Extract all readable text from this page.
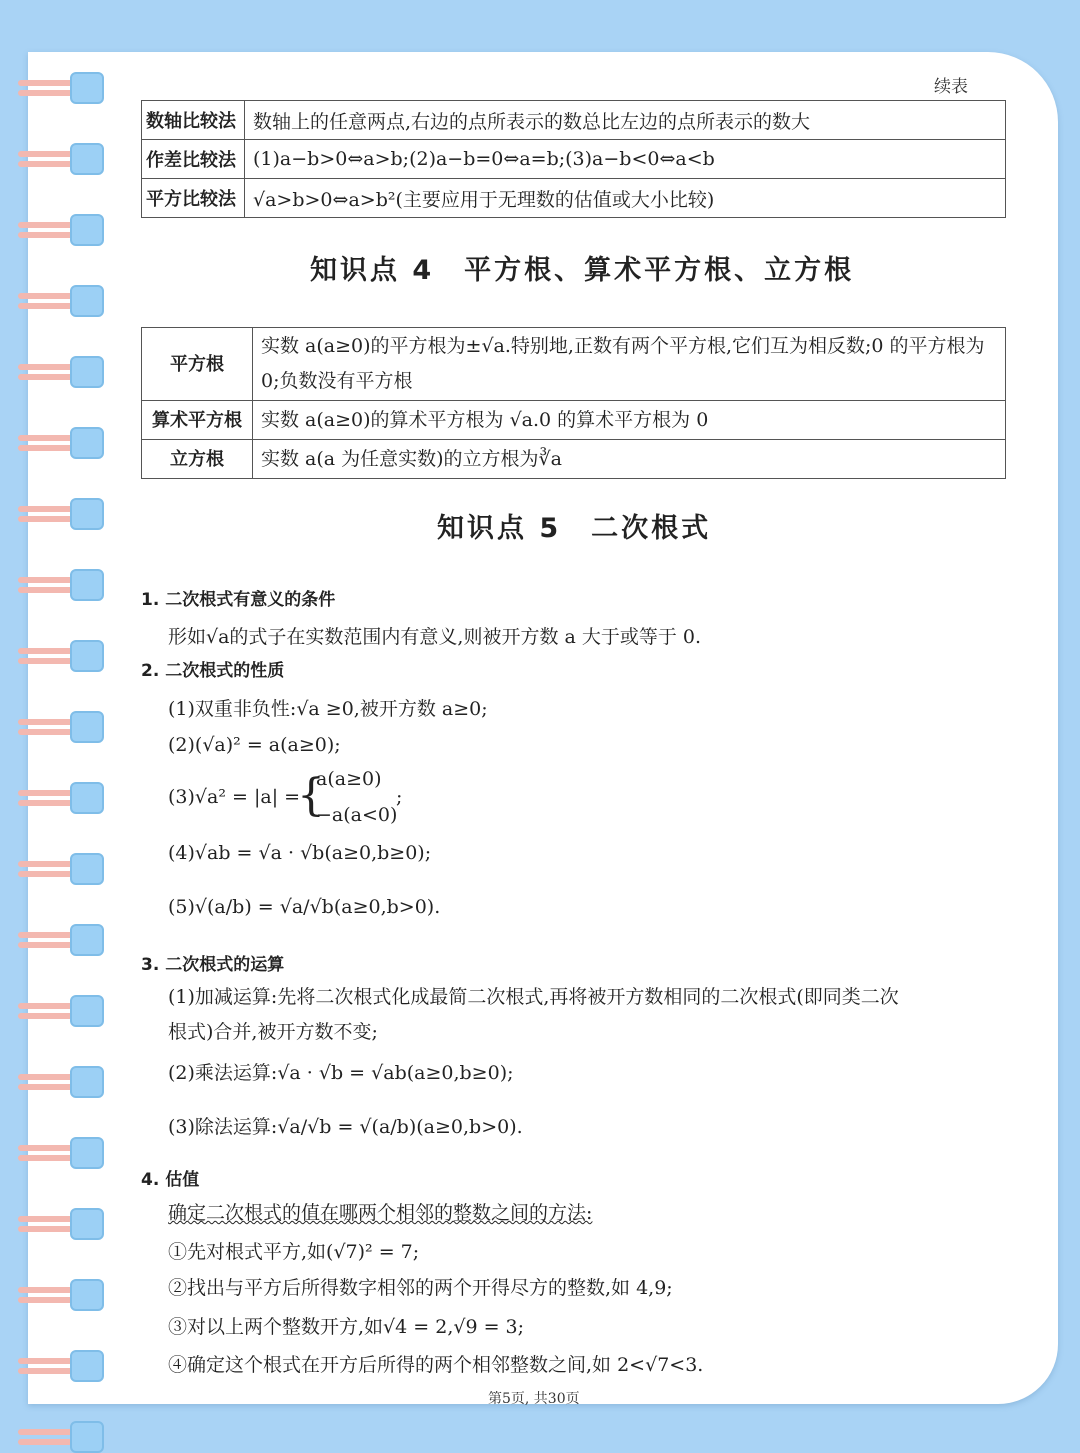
续表
数轴比较法	数轴上的任意两点,右边的点所表示的数总比左边的点所表示的数大
作差比较法	(1)a−b>0⇔a>b;(2)a−b=0⇔a=b;(3)a−b<0⇔a<b
平方比较法	√a>b>0⇔a>b²(主要应用于无理数的估值或大小比较)
知识点 4　平方根、算术平方根、立方根
平方根	实数 a(a≥0)的平方根为±√a.特别地,正数有两个平方根,它们互为相反数;0 的平方根为 0;负数没有平方根
算术平方根	实数 a(a≥0)的算术平方根为 √a.0 的算术平方根为 0
立方根	实数 a(a 为任意实数)的立方根为∛a
知识点 5　二次根式
1. 二次根式有意义的条件
形如√a的式子在实数范围内有意义,则被开方数 a 大于或等于 0.
2. 二次根式的性质
(1)双重非负性:√a ≥0,被开方数 a≥0;
(2)(√a)² = a(a≥0);
(3)√a² = |a| =
{
a(a≥0)
−a(a<0)
;
(4)√ab = √a · √b(a≥0,b≥0);
(5)√(a/b) = √a/√b(a≥0,b>0).
3. 二次根式的运算
(1)加减运算:先将二次根式化成最简二次根式,再将被开方数相同的二次根式(即同类二次
根式)合并,被开方数不变;
(2)乘法运算:√a · √b = √ab(a≥0,b≥0);
(3)除法运算:√a/√b = √(a/b)(a≥0,b>0).
4. 估值
确定二次根式的值在哪两个相邻的整数之间的方法:
①先对根式平方,如(√7)² = 7;
②找出与平方后所得数字相邻的两个开得尽方的整数,如 4,9;
③对以上两个整数开方,如√4 = 2,√9 = 3;
④确定这个根式在开方后所得的两个相邻整数之间,如 2<√7<3.
第5页, 共30页
